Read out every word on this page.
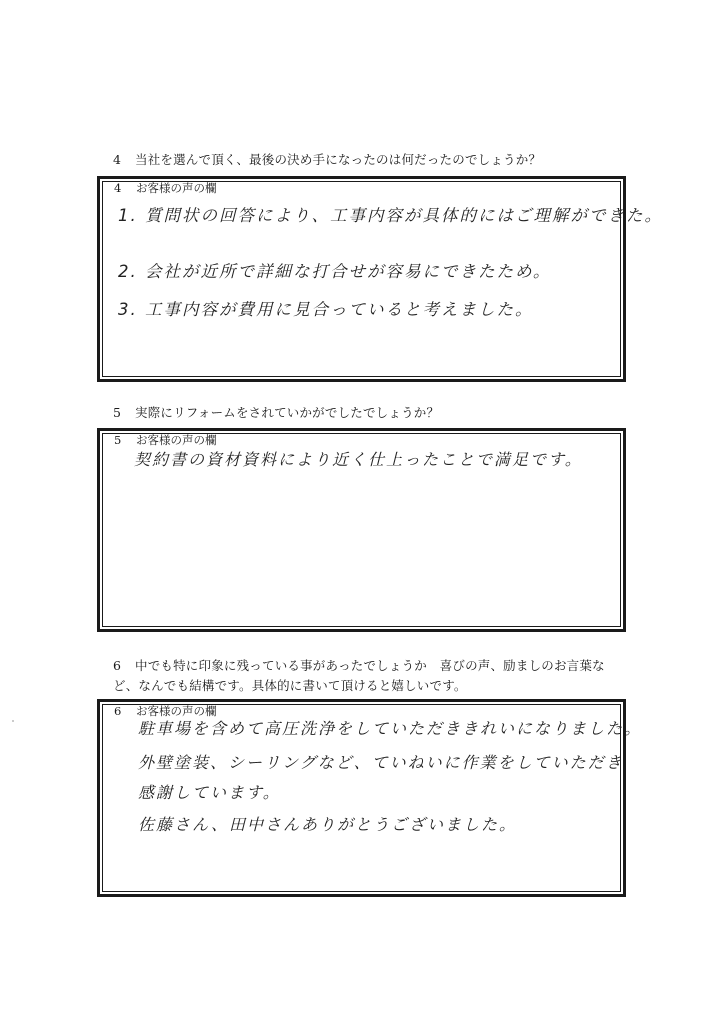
4 当社を選んで頂く、最後の決め手になったのは何だったのでしょうか？
4 お客様の声の欄
1. 質問状の回答により、工事内容が具体的にはご理解ができた。
2. 会社が近所で詳細な打合せが容易にできたため。
3. 工事内容が費用に見合っていると考えました。
5 実際にリフォームをされていかがでしたでしょうか？
5 お客様の声の欄
契約書の資材資料により近く仕上ったことで満足です。
6 中でも特に印象に残っている事があったでしょうか　喜びの声、励ましのお言葉な
ど、なんでも結構です。具体的に書いて頂けると嬉しいです。
6 お客様の声の欄
駐車場を含めて高圧洗浄をしていただききれいになりました。
外壁塗装、シーリングなど、ていねいに作業をしていただき
感謝しています。
佐藤さん、田中さんありがとうございました。
